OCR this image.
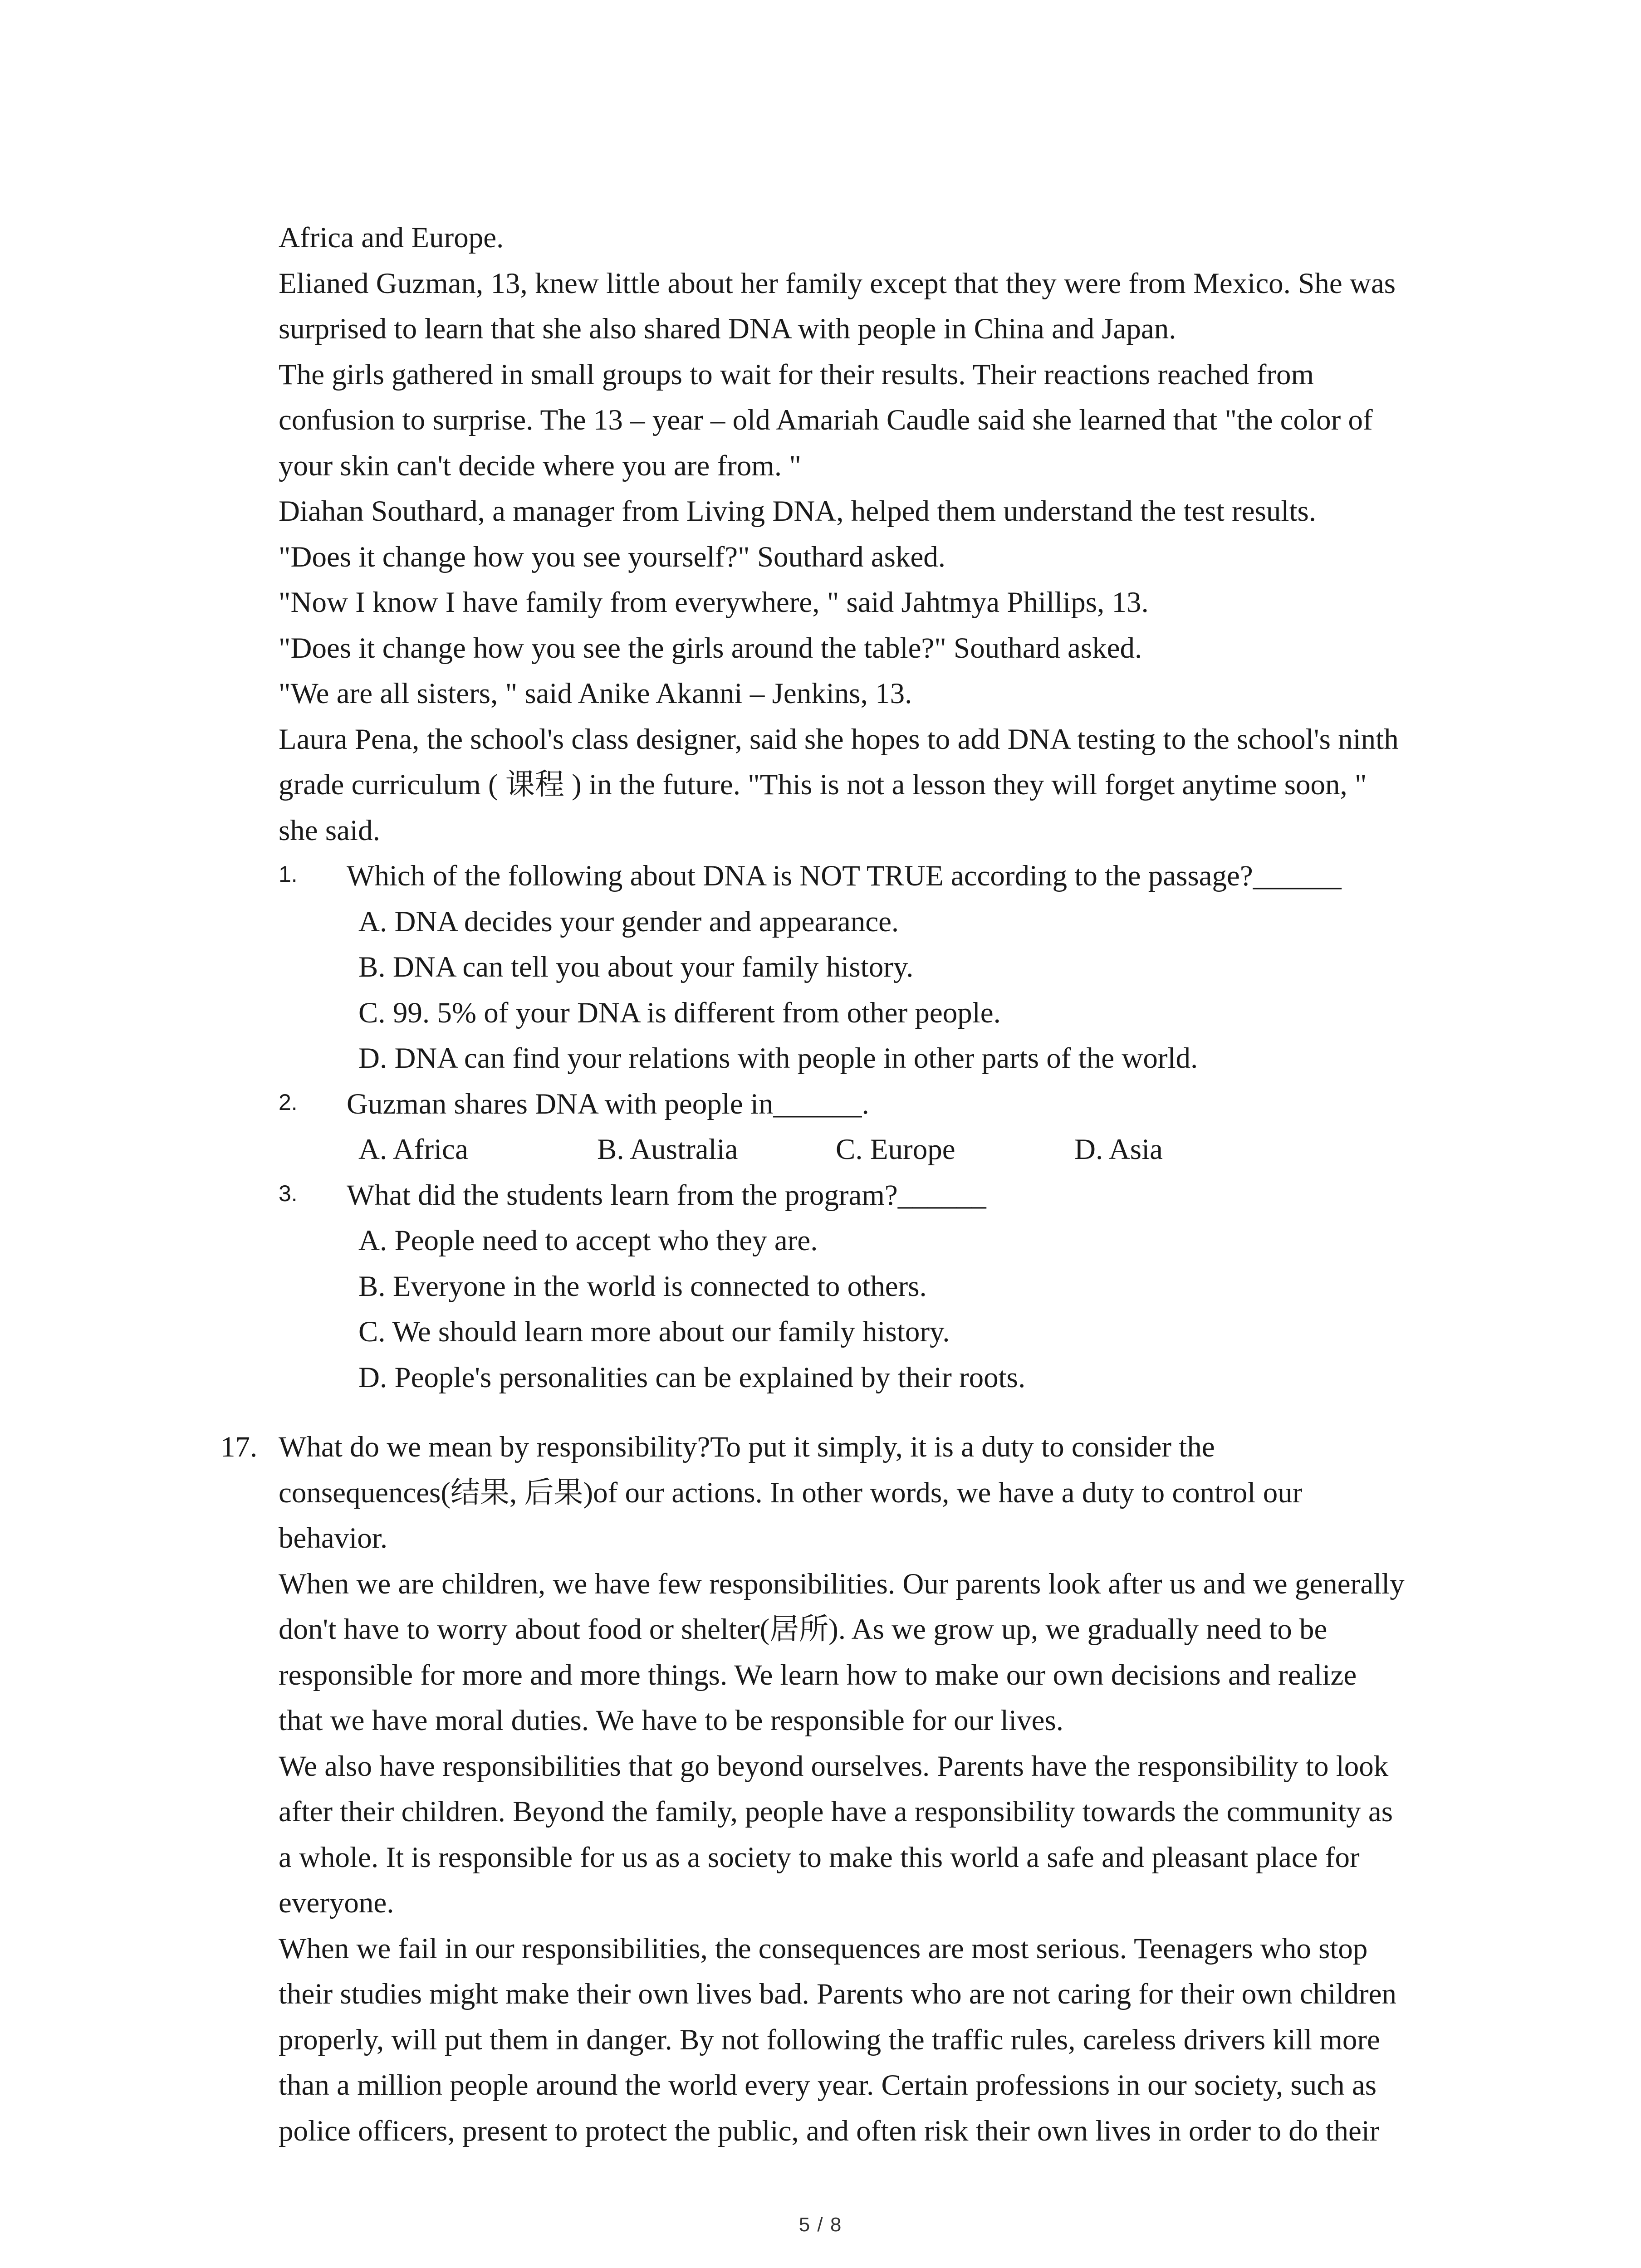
Africa and Europe.
Elianed Guzman, 13, knew little about her family except that they were from Mexico. She was
surprised to learn that she also shared DNA with people in China and Japan.
The girls gathered in small groups to wait for their results. Their reactions reached from
confusion to surprise. The 13 – year – old Amariah Caudle said she learned that "the color of
your skin can't decide where you are from. "
Diahan Southard, a manager from Living DNA, helped them understand the test results.
"Does it change how you see yourself?" Southard asked.
"Now I know I have family from everywhere, " said Jahtmya Phillips, 13.
"Does it change how you see the girls around the table?" Southard asked.
"We are all sisters, " said Anike Akanni – Jenkins, 13.
Laura Pena, the school's class designer, said she hopes to add DNA testing to the school's ninth
grade curriculum ( 课程 ) in the future. "This is not a lesson they will forget anytime soon, "
she said.
1. Which of the following about DNA is NOT TRUE according to the passage?______
A. DNA decides your gender and appearance.
B. DNA can tell you about your family history.
C. 99. 5% of your DNA is different from other people.
D. DNA can find your relations with people in other parts of the world.
2. Guzman shares DNA with people in______.
A. Africa	B. Australia	C. Europe	D. Asia
3. What did the students learn from the program?______
A. People need to accept who they are.
B. Everyone in the world is connected to others.
C. We should learn more about our family history.
D. People's personalities can be explained by their roots.
17. What do we mean by responsibility?To put it simply, it is a duty to consider the
consequences(结果, 后果)of our actions. In other words, we have a duty to control our
behavior.
When we are children, we have few responsibilities. Our parents look after us and we generally
don't have to worry about food or shelter(居所). As we grow up, we gradually need to be
responsible for more and more things. We learn how to make our own decisions and realize
that we have moral duties. We have to be responsible for our lives.
We also have responsibilities that go beyond ourselves. Parents have the responsibility to look
after their children. Beyond the family, people have a responsibility towards the community as
a whole. It is responsible for us as a society to make this world a safe and pleasant place for
everyone.
When we fail in our responsibilities, the consequences are most serious. Teenagers who stop
their studies might make their own lives bad. Parents who are not caring for their own children
properly, will put them in danger. By not following the traffic rules, careless drivers kill more
than a million people around the world every year. Certain professions in our society, such as
police officers, present to protect the public, and often risk their own lives in order to do their
5 / 8
